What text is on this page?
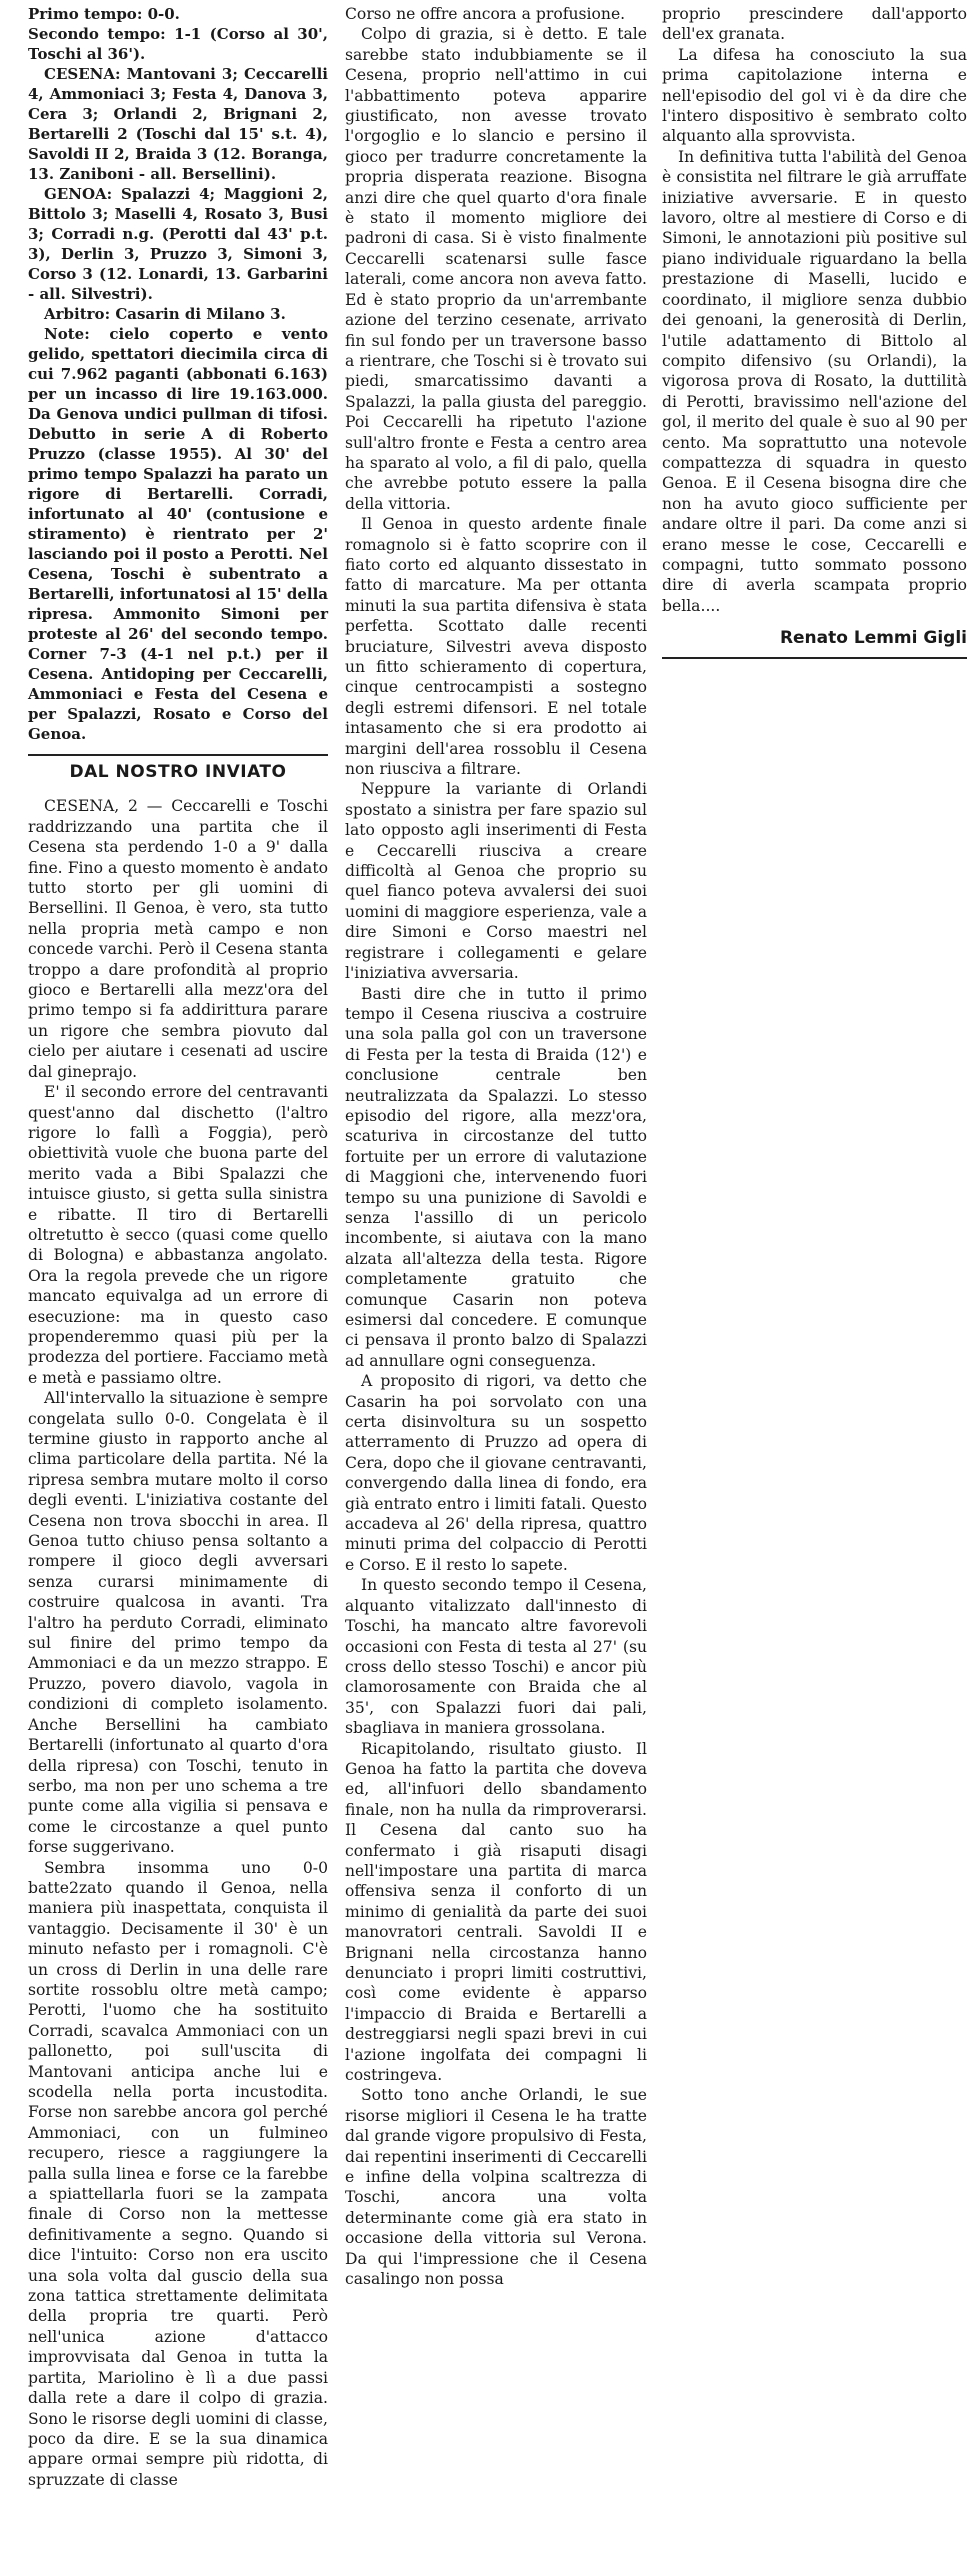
Primo tempo: 0-0.
Secondo tempo: 1-1 (Corso al 30', Toschi al 36').
CESENA: Mantovani 3; Ceccarelli 4, Ammoniaci 3; Festa 4, Danova 3, Cera 3; Orlandi 2, Brignani 2, Bertarelli 2 (Toschi dal 15' s.t. 4), Savoldi II 2, Braida 3 (12. Boranga, 13. Zaniboni - all. Bersellini).
GENOA: Spalazzi 4; Maggioni 2, Bittolo 3; Maselli 4, Rosato 3, Busi 3; Corradi n.g. (Perotti dal 43' p.t. 3), Derlin 3, Pruzzo 3, Simoni 3, Corso 3 (12. Lonardi, 13. Garbarini - all. Silvestri).
Arbitro: Casarin di Milano 3.
Note: cielo coperto e vento gelido, spettatori diecimila circa di cui 7.962 paganti (abbonati 6.163) per un incasso di lire 19.163.000. Da Genova undici pullman di tifosi. Debutto in serie A di Roberto Pruzzo (classe 1955). Al 30' del primo tempo Spalazzi ha parato un rigore di Bertarelli. Corradi, infortunato al 40' (contusione e stiramento) è rientrato per 2' lasciando poi il posto a Perotti. Nel Cesena, Toschi è subentrato a Bertarelli, infortunatosi al 15' della ripresa. Ammonito Simoni per proteste al 26' del secondo tempo. Corner 7-3 (4-1 nel p.t.) per il Cesena. Antidoping per Ceccarelli, Ammoniaci e Festa del Cesena e per Spalazzi, Rosato e Corso del Genoa.
DAL NOSTRO INVIATO

CESENA, 2 — Ceccarelli e Toschi raddrizzando una partita che il Cesena sta perdendo 1-0 a 9' dalla fine. Fino a questo momento è andato tutto storto per gli uomini di Bersellini. Il Genoa, è vero, sta tutto nella propria metà campo e non concede varchi. Però il Cesena stanta troppo a dare profondità al proprio gioco e Bertarelli alla mezz'ora del primo tempo si fa addirittura parare un rigore che sembra piovuto dal cielo per aiutare i cesenati ad uscire dal gineprajo.

E' il secondo errore del centravanti quest'anno dal dischetto (l'altro rigore lo fallì a Foggia), però obiettività vuole che buona parte del merito vada a Bibi Spalazzi che intuisce giusto, si getta sulla sinistra e ribatte. Il tiro di Bertarelli oltretutto è secco (quasi come quello di Bologna) e abbastanza angolato. Ora la regola prevede che un rigore mancato equivalga ad un errore di esecuzione: ma in questo caso propenderemmo quasi più per la prodezza del portiere. Facciamo metà e metà e passiamo oltre.

All'intervallo la situazione è sempre congelata sullo 0-0. Congelata è il termine giusto in rapporto anche al clima particolare della partita. Né la ripresa sembra mutare molto il corso degli eventi. L'iniziativa costante del Cesena non trova sbocchi in area. Il Genoa tutto chiuso pensa soltanto a rompere il gioco degli avversari senza curarsi minimamente di costruire qualcosa in avanti. Tra l'altro ha perduto Corradi, eliminato sul finire del primo tempo da Ammoniaci e da un mezzo strappo. E Pruzzo, povero diavolo, vagola in condizioni di completo isolamento. Anche Bersellini ha cambiato Bertarelli (infortunato al quarto d'ora della ripresa) con Toschi, tenuto in serbo, ma non per uno schema a tre punte come alla vigilia si pensava e come le circostanze a quel punto forse suggerivano.

Sembra insomma uno 0-0 batte2zato quando il Genoa, nella maniera più inaspettata, conquista il vantaggio. Decisamente il 30' è un minuto nefasto per i romagnoli. C'è un cross di Derlin in una delle rare sortite rossoblu oltre metà campo; Perotti, l'uomo che ha sostituito Corradi, scavalca Ammoniaci con un pallonetto, poi sull'uscita di Mantovani anticipa anche lui e scodella nella porta incustodita. Forse non sarebbe ancora gol perché Ammoniaci, con un fulmineo recupero, riesce a raggiungere la palla sulla linea e forse ce la farebbe a spiattellarla fuori se la zampata finale di Corso non la mettesse definitivamente a segno. Quando si dice l'intuito: Corso non era uscito una sola volta dal guscio della sua zona tattica strettamente delimitata della propria tre quarti. Però nell'unica azione d'attacco improvvisata dal Genoa in tutta la partita, Mariolino è lì a due passi dalla rete a dare il colpo di grazia. Sono le risorse degli uomini di classe, poco da dire. E se la sua dinamica appare ormai sempre più ridotta, di spruzzate di classe

Corso ne offre ancora a profusione.

Colpo di grazia, si è detto. E tale sarebbe stato indubbiamente se il Cesena, proprio nell'attimo in cui l'abbattimento poteva apparire giustificato, non avesse trovato l'orgoglio e lo slancio e persino il gioco per tradurre concretamente la propria disperata reazione. Bisogna anzi dire che quel quarto d'ora finale è stato il momento migliore dei padroni di casa. Si è visto finalmente Ceccarelli scatenarsi sulle fasce laterali, come ancora non aveva fatto. Ed è stato proprio da un'arrembante azione del terzino cesenate, arrivato fin sul fondo per un traversone basso a rientrare, che Toschi si è trovato sui piedi, smarcatissimo davanti a Spalazzi, la palla giusta del pareggio. Poi Ceccarelli ha ripetuto l'azione sull'altro fronte e Festa a centro area ha sparato al volo, a fil di palo, quella che avrebbe potuto essere la palla della vittoria.

Il Genoa in questo ardente finale romagnolo si è fatto scoprire con il fiato corto ed alquanto dissestato in fatto di marcature. Ma per ottanta minuti la sua partita difensiva è stata perfetta. Scottato dalle recenti bruciature, Silvestri aveva disposto un fitto schieramento di copertura, cinque centrocampisti a sostegno degli estremi difensori. E nel totale intasamento che si era prodotto ai margini dell'area rossoblu il Cesena non riusciva a filtrare.

Neppure la variante di Orlandi spostato a sinistra per fare spazio sul lato opposto agli inserimenti di Festa e Ceccarelli riusciva a creare difficoltà al Genoa che proprio su quel fianco poteva avvalersi dei suoi uomini di maggiore esperienza, vale a dire Simoni e Corso maestri nel registrare i collegamenti e gelare l'iniziativa avversaria.

Basti dire che in tutto il primo tempo il Cesena riusciva a costruire una sola palla gol con un traversone di Festa per la testa di Braida (12') e conclusione centrale ben neutralizzata da Spalazzi. Lo stesso episodio del rigore, alla mezz'ora, scaturiva in circostanze del tutto fortuite per un errore di valutazione di Maggioni che, intervenendo fuori tempo su una punizione di Savoldi e senza l'assillo di un pericolo incombente, si aiutava con la mano alzata all'altezza della testa. Rigore completamente gratuito che comunque Casarin non poteva esimersi dal concedere. E comunque ci pensava il pronto balzo di Spalazzi ad annullare ogni conseguenza.

A proposito di rigori, va detto che Casarin ha poi sorvolato con una certa disinvoltura su un sospetto atterramento di Pruzzo ad opera di Cera, dopo che il giovane centravanti, convergendo dalla linea di fondo, era già entrato entro i limiti fatali. Questo accadeva al 26' della ripresa, quattro minuti prima del colpaccio di Perotti e Corso. E il resto lo sapete.

In questo secondo tempo il Cesena, alquanto vitalizzato dall'innesto di Toschi, ha mancato altre favorevoli occasioni con Festa di testa al 27' (su cross dello stesso Toschi) e ancor più clamorosamente con Braida che al 35', con Spalazzi fuori dai pali, sbagliava in maniera grossolana.

Ricapitolando, risultato giusto. Il Genoa ha fatto la partita che doveva ed, all'infuori dello sbandamento finale, non ha nulla da rimproverarsi. Il Cesena dal canto suo ha confermato i già risaputi disagi nell'impostare una partita di marca offensiva senza il conforto di un minimo di genialità da parte dei suoi manovratori centrali. Savoldi II e Brignani nella circostanza hanno denunciato i propri limiti costruttivi, così come evidente è apparso l'impaccio di Braida e Bertarelli a destreggiarsi negli spazi brevi in cui l'azione ingolfata dei compagni li costringeva.

Sotto tono anche Orlandi, le sue risorse migliori il Cesena le ha tratte dal grande vigore propulsivo di Festa, dai repentini inserimenti di Ceccarelli e infine della volpina scaltrezza di Toschi, ancora una volta determinante come già era stato in occasione della vittoria sul Verona. Da qui l'impressione che il Cesena casalingo non possa

proprio prescindere dall'apporto dell'ex granata.

La difesa ha conosciuto la sua prima capitolazione interna e nell'episodio del gol vi è da dire che l'intero dispositivo è sembrato colto alquanto alla sprovvista.

In definitiva tutta l'abilità del Genoa è consistita nel filtrare le già arruffate iniziative avversarie. E in questo lavoro, oltre al mestiere di Corso e di Simoni, le annotazioni più positive sul piano individuale riguardano la bella prestazione di Maselli, lucido e coordinato, il migliore senza dubbio dei genoani, la generosità di Derlin, l'utile adattamento di Bittolo al compito difensivo (su Orlandi), la vigorosa prova di Rosato, la duttilità di Perotti, bravissimo nell'azione del gol, il merito del quale è suo al 90 per cento. Ma soprattutto una notevole compattezza di squadra in questo Genoa. E il Cesena bisogna dire che non ha avuto gioco sufficiente per andare oltre il pari. Da come anzi si erano messe le cose, Ceccarelli e compagni, tutto sommato possono dire di averla scampata proprio bella....

Renato Lemmi Gigli
